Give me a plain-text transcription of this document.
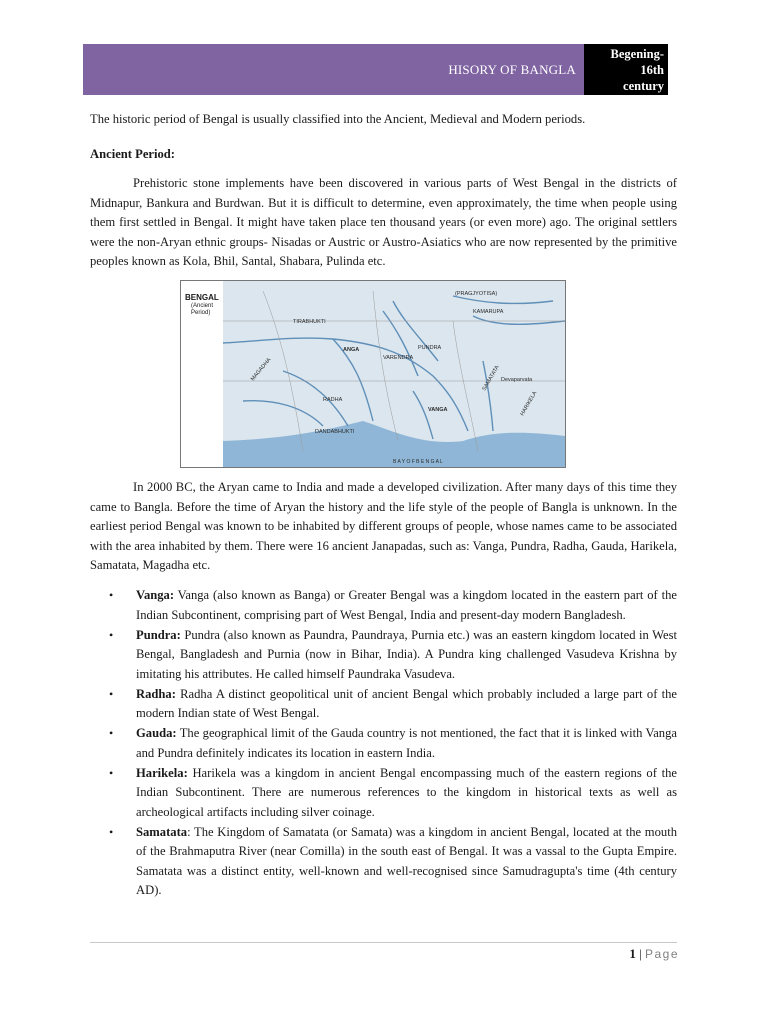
HISORY OF BANGLA
Begening-
16th
century
The historic period of Bengal is usually classified into the Ancient, Medieval and Modern periods.
Ancient Period:
Prehistoric stone implements have been discovered in various parts of West Bengal in the districts of Midnapur, Bankura and Burdwan. But it is difficult to determine, even approximately, the time when people using them first settled in Bengal. It might have taken place ten thousand years (or even more) ago. The original settlers were the non-Aryan ethnic groups- Nisadas or Austric or Austro-Asiatics who are now represented by the primitive peoples known as Kola, Bhil, Santal, Shabara, Pulinda etc.
BENGAL
(Ancient
Period)
(PRAGJYOTISA)
KAMARUPA
TIRABHUKTI
ANGA
VARENDRA
PUNDRA
MAGADHA
RADHA
VANGA
SAMATATA
HARIKELA
DANDABHUKTI
Devaparvata
B A Y O F B E N G A L
In 2000 BC, the Aryan came to India and made a developed civilization. After many days of this time they came to Bangla. Before the time of Aryan the history and the life style of the people of Bangla is unknown. In the earliest period Bengal was known to be inhabited by different groups of people, whose names came to be associated with the area inhabited by them. There were 16 ancient Janapadas, such as: Vanga, Pundra, Radha, Gauda, Harikela, Samatata, Magadha etc.
• Vanga: Vanga (also known as Banga) or Greater Bengal was a kingdom located in the eastern part of the Indian Subcontinent, comprising part of West Bengal, India and present-day modern Bangladesh.
• Pundra: Pundra (also known as Paundra, Paundraya, Purnia etc.) was an eastern kingdom located in West Bengal, Bangladesh and Purnia (now in Bihar, India). A Pundra king challenged Vasudeva Krishna by imitating his attributes. He called himself Paundraka Vasudeva.
• Radha: Radha A distinct geopolitical unit of ancient Bengal which probably included a large part of the modern Indian state of West Bengal.
• Gauda: The geographical limit of the Gauda country is not mentioned, the fact that it is linked with Vanga and Pundra definitely indicates its location in eastern India.
• Harikela: Harikela was a kingdom in ancient Bengal encompassing much of the eastern regions of the Indian Subcontinent. There are numerous references to the kingdom in historical texts as well as archeological artifacts including silver coinage.
• Samatata: The Kingdom of Samatata (or Samata) was a kingdom in ancient Bengal, located at the mouth of the Brahmaputra River (near Comilla) in the south east of Bengal. It was a vassal to the Gupta Empire. Samatata was a distinct entity, well-known and well-recognised since Samudragupta's time (4th century AD).
1 | Page
